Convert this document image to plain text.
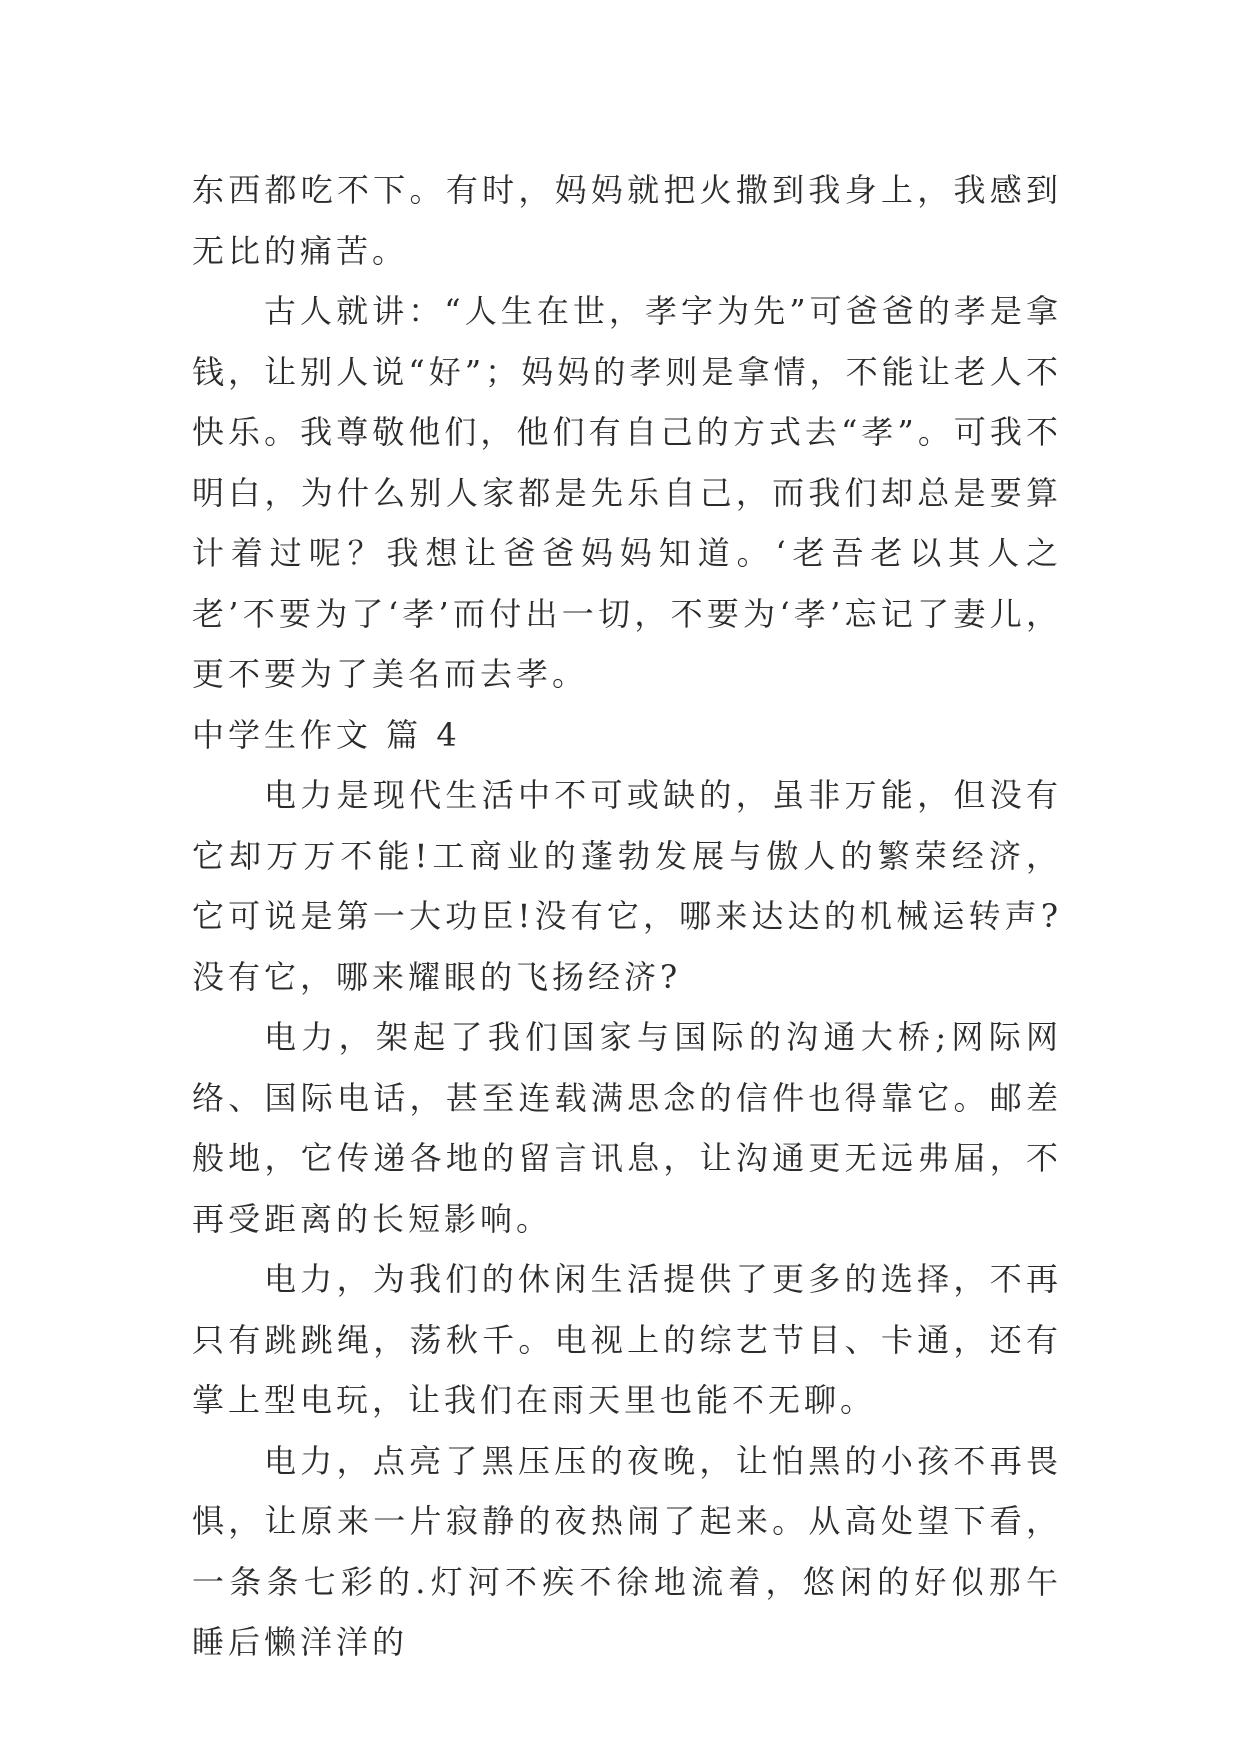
东西都吃不下。有时，妈妈就把火撒到我身上，我感到无比的痛苦。

古人就讲：“人生在世，孝字为先”可爸爸的孝是拿钱，让别人说“好”；妈妈的孝则是拿情，不能让老人不快乐。我尊敬他们，他们有自己的方式去“孝”。可我不明白，为什么别人家都是先乐自己，而我们却总是要算计着过呢？我想让爸爸妈妈知道。‘老吾老以其人之老’不要为了‘孝’而付出一切，不要为‘孝’忘记了妻儿，更不要为了美名而去孝。

中学生作文 篇 4

电力是现代生活中不可或缺的，虽非万能，但没有它却万万不能!工商业的蓬勃发展与傲人的繁荣经济，它可说是第一大功臣!没有它，哪来达达的机械运转声?没有它，哪来耀眼的飞扬经济?

电力，架起了我们国家与国际的沟通大桥;网际网络、国际电话，甚至连载满思念的信件也得靠它。邮差般地，它传递各地的留言讯息，让沟通更无远弗届，不再受距离的长短影响。

电力，为我们的休闲生活提供了更多的选择，不再只有跳跳绳，荡秋千。电视上的综艺节目、卡通，还有掌上型电玩，让我们在雨天里也能不无聊。

电力，点亮了黑压压的夜晚，让怕黑的小孩不再畏惧，让原来一片寂静的夜热闹了起来。从高处望下看，一条条七彩的.灯河不疾不徐地流着，悠闲的好似那午睡后懒洋洋的
